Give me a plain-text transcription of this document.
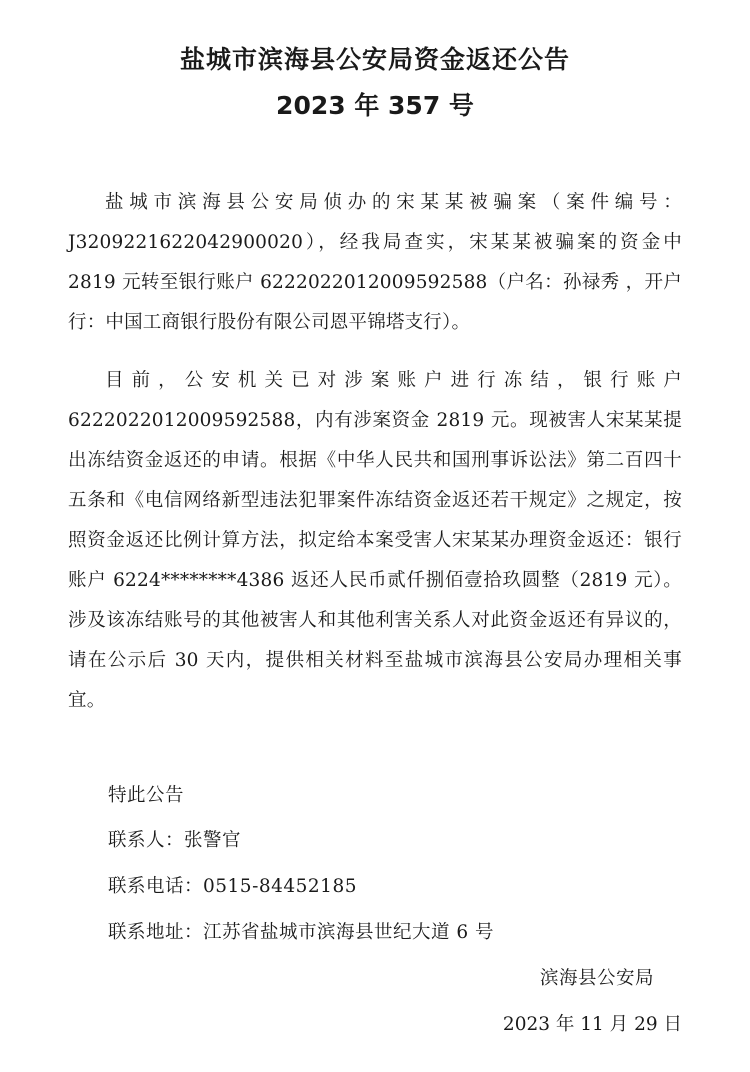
盐城市滨海县公安局资金返还公告
2023 年 357 号

盐城市滨海县公安局侦办的宋某某被骗案（案件编号：J3209221622042900020），经我局查实，宋某某被骗案的资金中 2819 元转至银行账户 6222022012009592588（户名：孙禄秀 ，开户行：中国工商银行股份有限公司恩平锦塔支行）。

目前，公安机关已对涉案账户进行冻结，银行账户 6222022012009592588，内有涉案资金 2819 元。现被害人宋某某提出冻结资金返还的申请。根据《中华人民共和国刑事诉讼法》第二百四十五条和《电信网络新型违法犯罪案件冻结资金返还若干规定》之规定，按照资金返还比例计算方法，拟定给本案受害人宋某某办理资金返还：银行账户 6224********4386 返还人民币贰仟捌佰壹拾玖圆整（2819 元）。涉及该冻结账号的其他被害人和其他利害关系人对此资金返还有异议的，请在公示后 30 天内，提供相关材料至盐城市滨海县公安局办理相关事宜。

特此公告
联系人：张警官
联系电话：0515-84452185
联系地址：江苏省盐城市滨海县世纪大道 6 号
滨海县公安局
2023 年 11 月 29 日
